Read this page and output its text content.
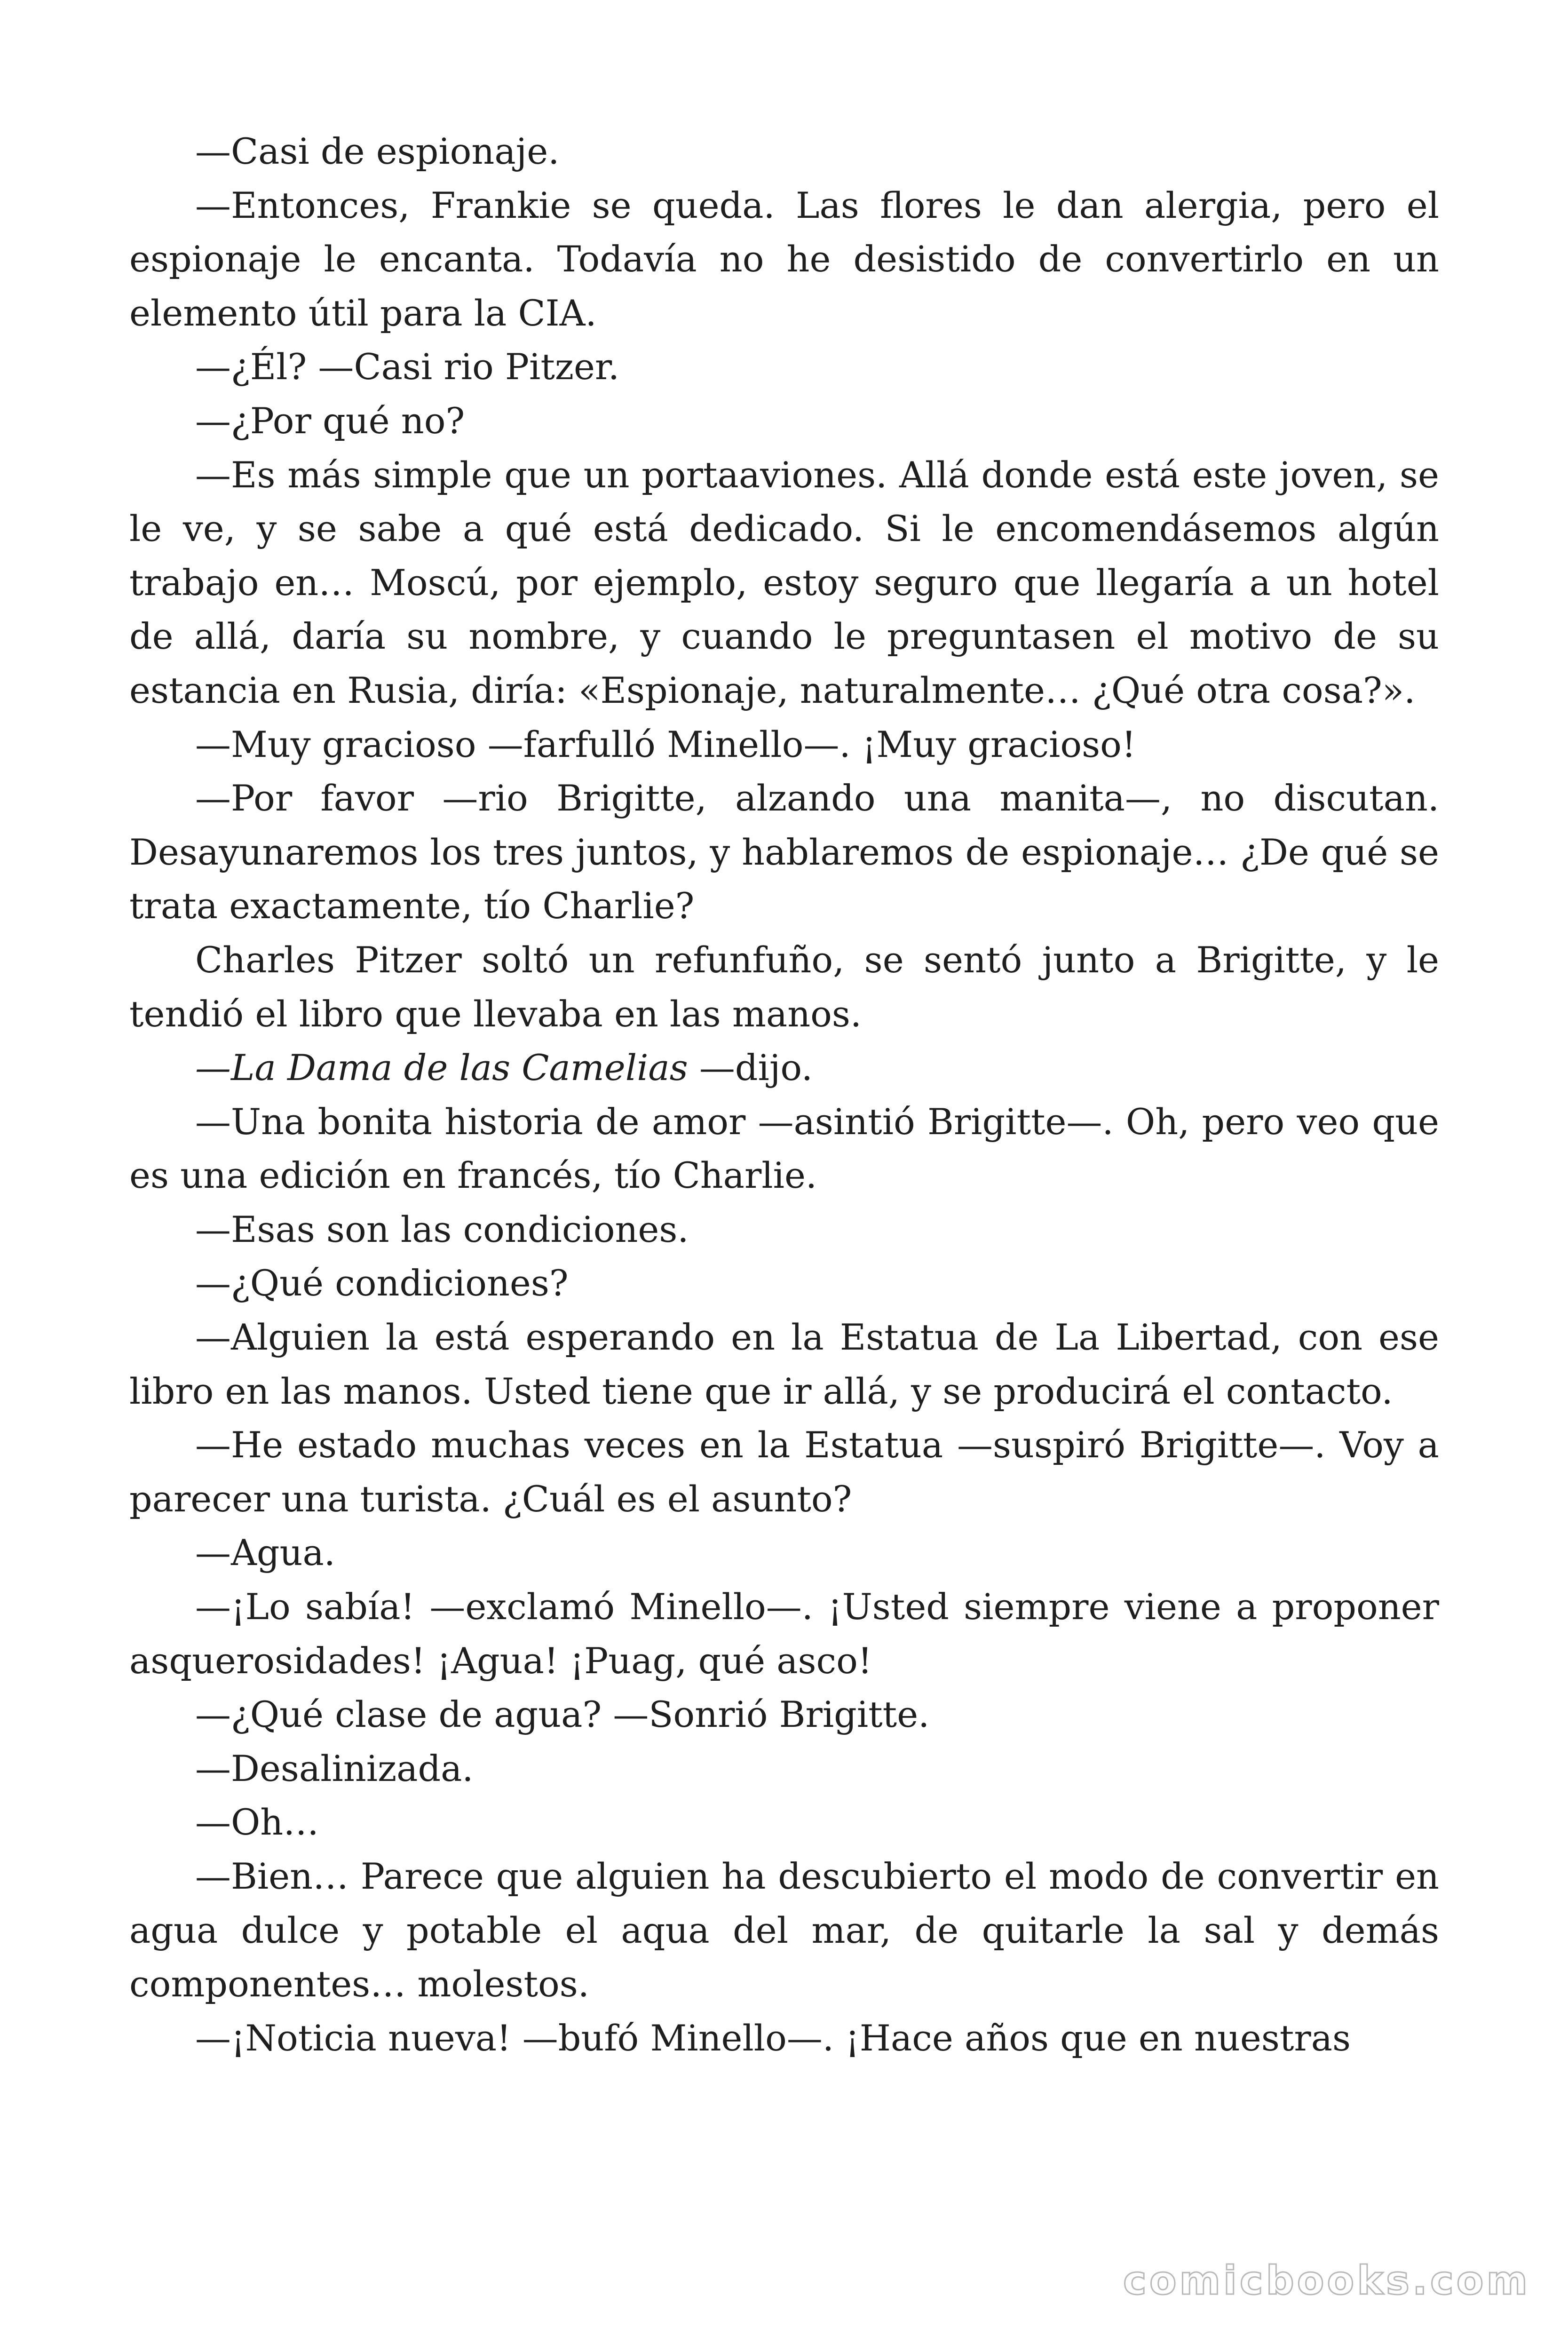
—Casi de espionaje.

—Entonces, Frankie se queda. Las flores le dan alergia, pero el espionaje le encanta. Todavía no he desistido de convertirlo en un elemento útil para la CIA.

—¿Él? —Casi rio Pitzer.

—¿Por qué no?

—Es más simple que un portaaviones. Allá donde está este joven, se le ve, y se sabe a qué está dedicado. Si le encomendásemos algún trabajo en… Moscú, por ejemplo, estoy seguro que llegaría a un hotel de allá, daría su nombre, y cuando le preguntasen el motivo de su estancia en Rusia, diría: «Espionaje, naturalmente… ¿Qué otra cosa?».

—Muy gracioso —farfulló Minello—. ¡Muy gracioso!

—Por favor —rio Brigitte, alzando una manita—, no discutan. Desayunaremos los tres juntos, y hablaremos de espionaje… ¿De qué se trata exactamente, tío Charlie?

Charles Pitzer soltó un refunfuño, se sentó junto a Brigitte, y le tendió el libro que llevaba en las manos.

—La Dama de las Camelias —dijo.

—Una bonita historia de amor —asintió Brigitte—. Oh, pero veo que es una edición en francés, tío Charlie.

—Esas son las condiciones.

—¿Qué condiciones?

—Alguien la está esperando en la Estatua de La Libertad, con ese libro en las manos. Usted tiene que ir allá, y se producirá el contacto.

—He estado muchas veces en la Estatua —suspiró Brigitte—. Voy a parecer una turista. ¿Cuál es el asunto?

—Agua.

—¡Lo sabía! —exclamó Minello—. ¡Usted siempre viene a proponer asquerosidades! ¡Agua! ¡Puag, qué asco!

—¿Qué clase de agua? —Sonrió Brigitte.

—Desalinizada.

—Oh…

—Bien… Parece que alguien ha descubierto el modo de convertir en agua dulce y potable el aqua del mar, de quitarle la sal y demás componentes… molestos.

—¡Noticia nueva! —bufó Minello—. ¡Hace años que en nuestras

comicbooks.com
